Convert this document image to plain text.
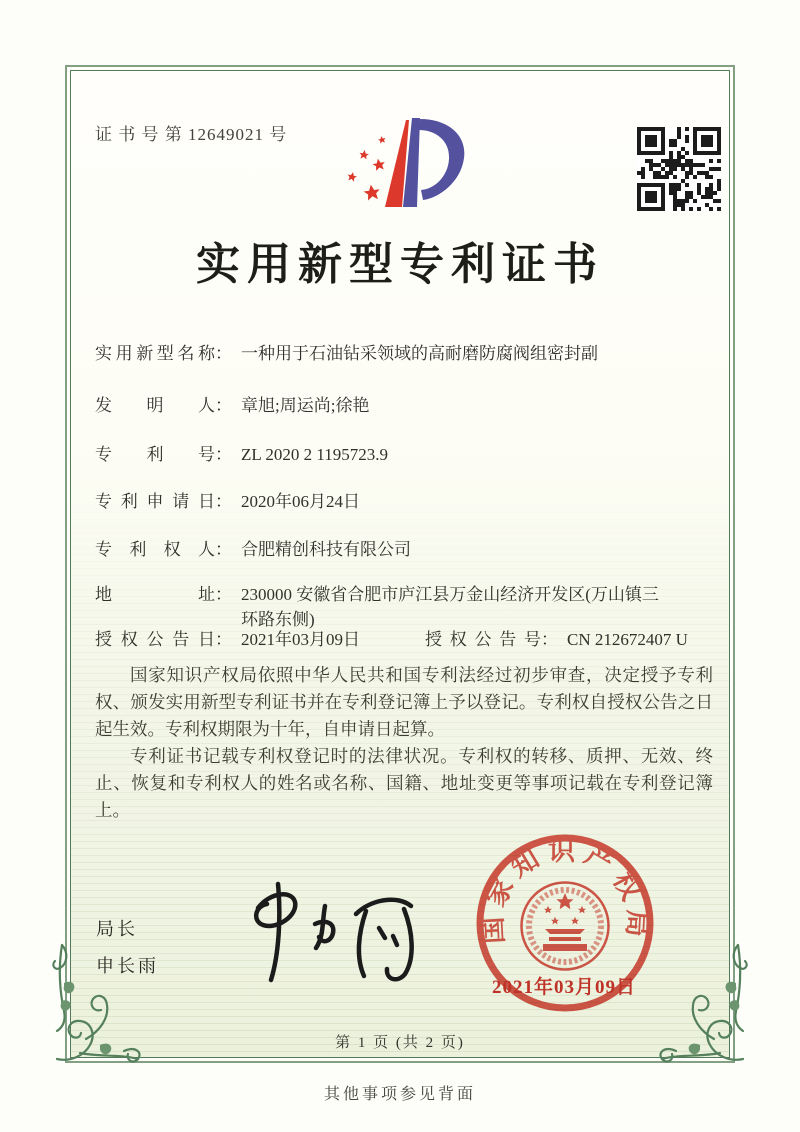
证 书 号 第 12649021 号
实用新型专利证书
实用新型名称： 一种用于石油钻采领域的高耐磨防腐阀组密封副
发明人： 章旭;周运尚;徐艳
专利号： ZL 2020 2 1195723.9
专利申请日： 2020年06月24日
专利权人： 合肥精创科技有限公司
地址： 230000 安徽省合肥市庐江县万金山经济开发区(万山镇三
环路东侧)
授权公告日： 2021年03月09日	授权公告号： CN 212672407 U

国家知识产权局依照中华人民共和国专利法经过初步审查，决定授予专利权、颁发实用新型专利证书并在专利登记簿上予以登记。专利权自授权公告之日起生效。专利权期限为十年，自申请日起算。

专利证书记载专利权登记时的法律状况。专利权的转移、质押、无效、终止、恢复和专利权人的姓名或名称、国籍、地址变更等事项记载在专利登记簿上。

局长
申长雨
国家知识产权局
2021年03月09日
第 1 页 (共 2 页)
其他事项参见背面
